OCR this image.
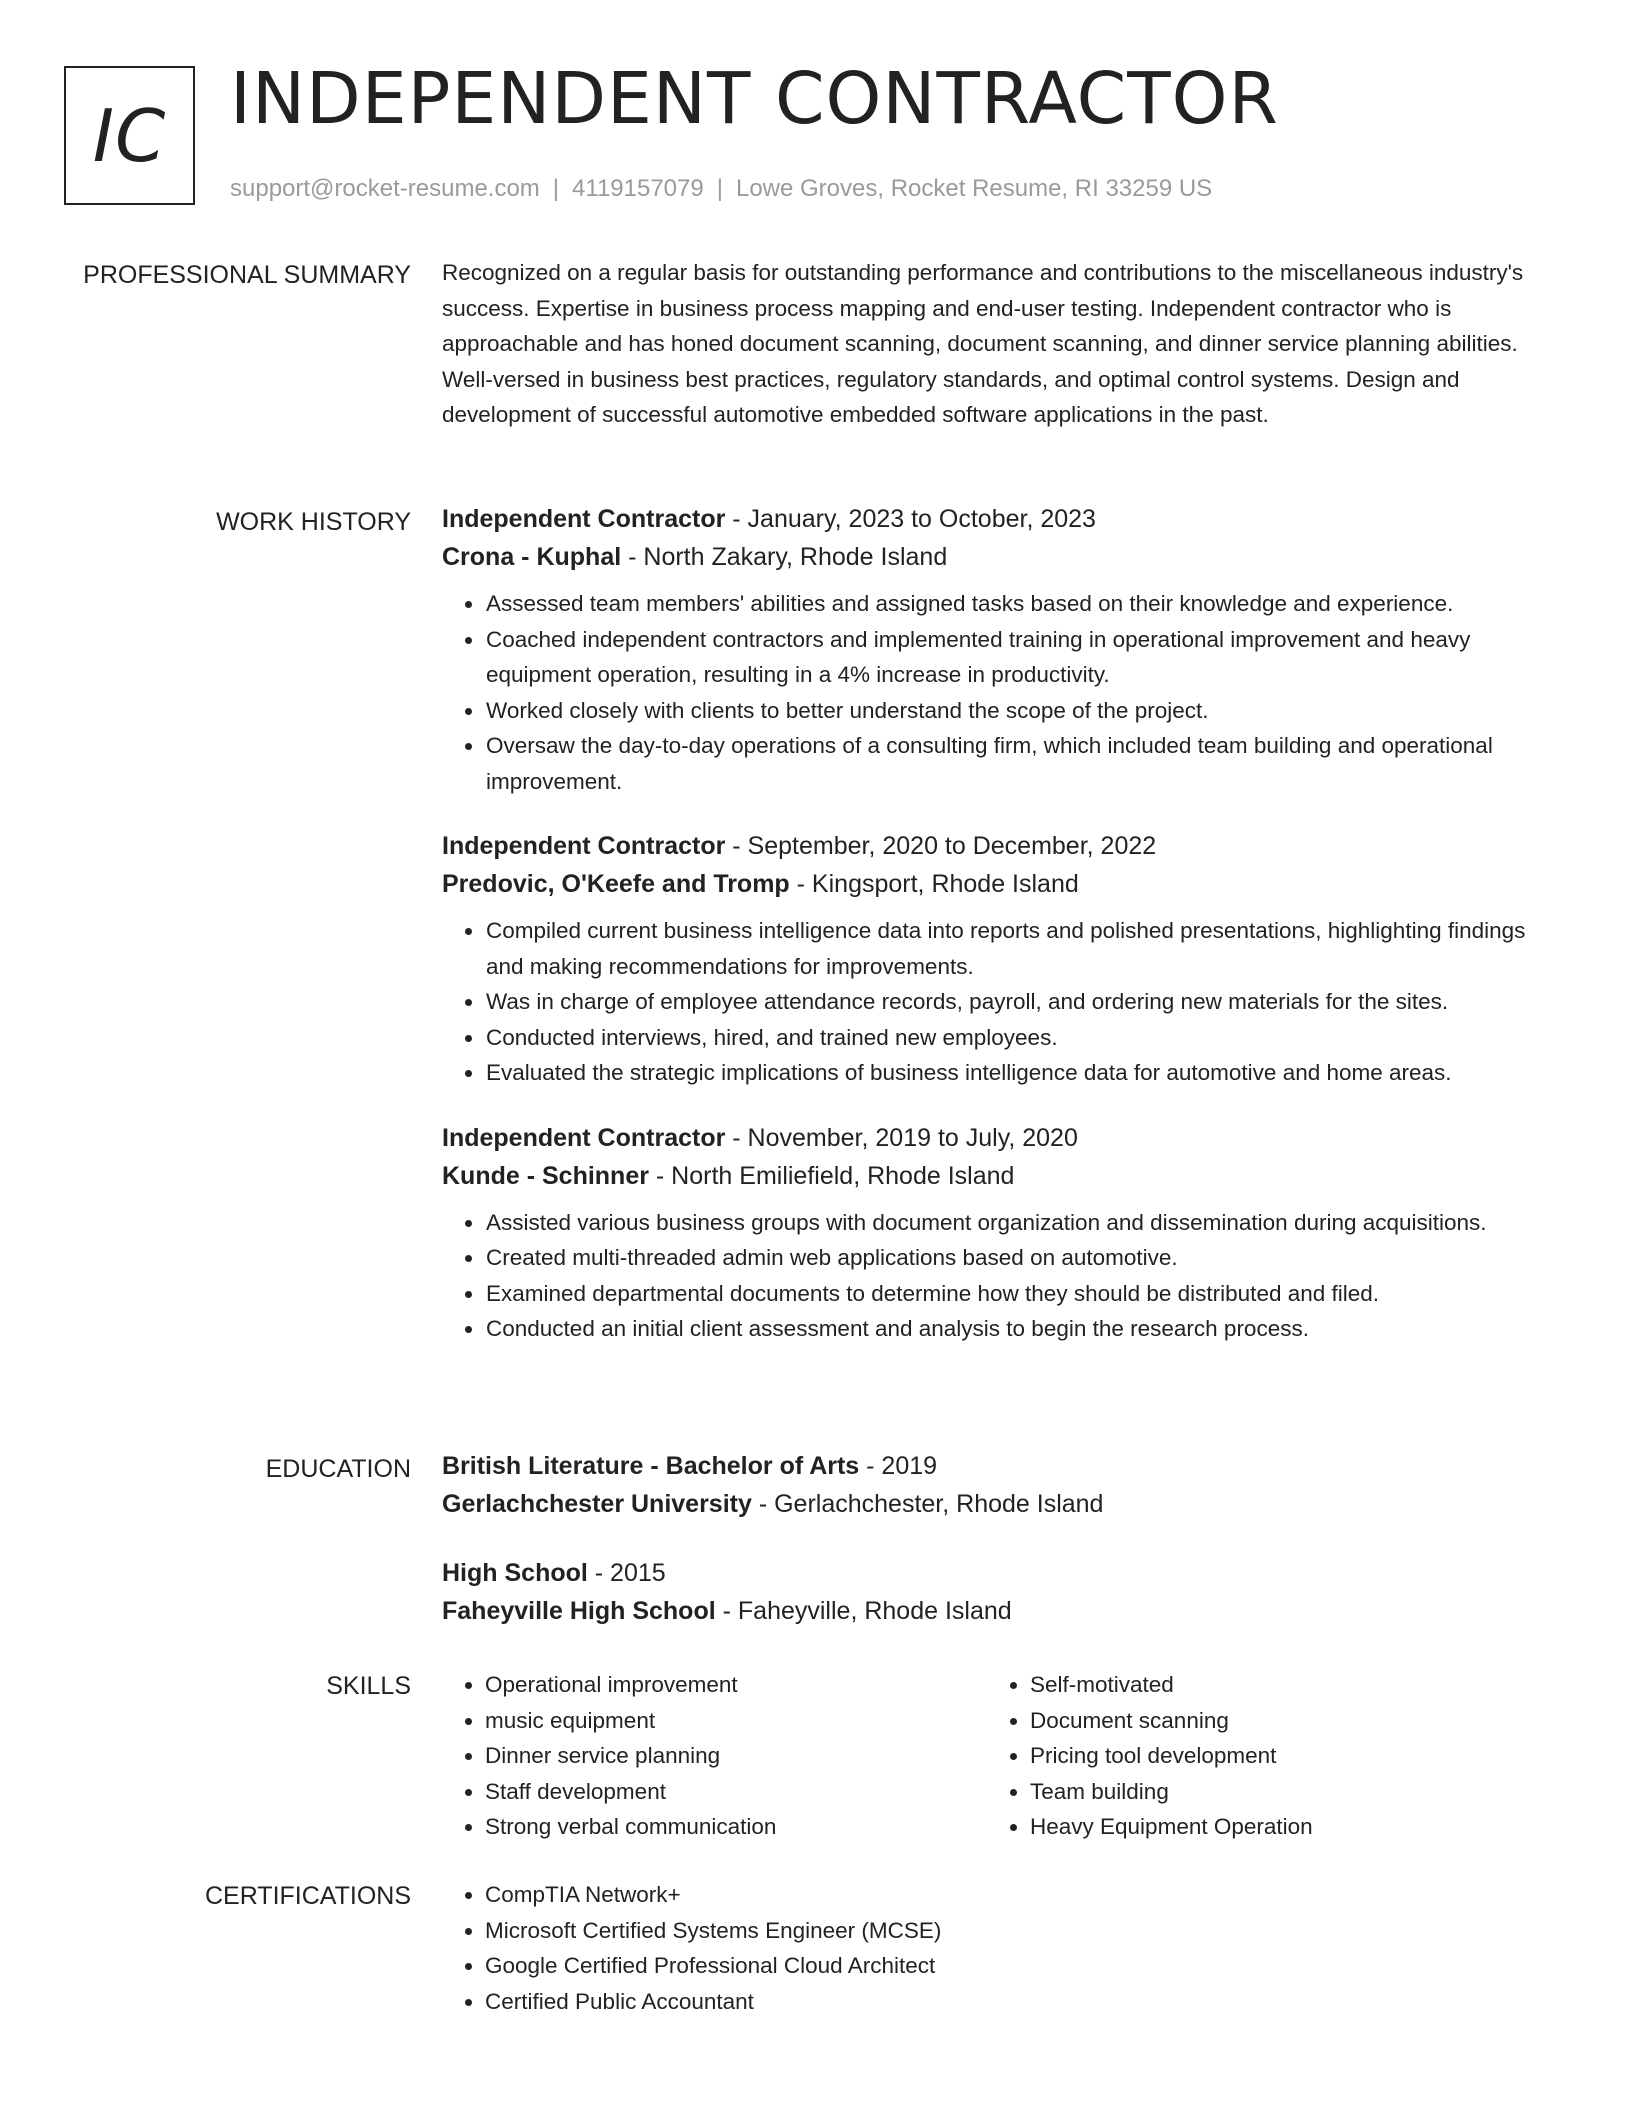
IC INDEPENDENT CONTRACTOR
support@rocket-resume.com | 4119157079 | Lowe Groves, Rocket Resume, RI 33259 US
PROFESSIONAL SUMMARY Recognized on a regular basis for outstanding performance and contributions to the miscellaneous industry's success. Expertise in business process mapping and end-user testing. Independent contractor who is approachable and has honed document scanning, document scanning, and dinner service planning abilities. Well-versed in business best practices, regulatory standards, and optimal control systems. Design and development of successful automotive embedded software applications in the past.

WORK HISTORY Independent Contractor - January, 2023 to October, 2023
Crona - Kuphal - North Zakary, Rhode Island
• Assessed team members' abilities and assigned tasks based on their knowledge and experience.
• Coached independent contractors and implemented training in operational improvement and heavy equipment operation, resulting in a 4% increase in productivity.
• Worked closely with clients to better understand the scope of the project.
• Oversaw the day-to-day operations of a consulting firm, which included team building and operational improvement.
Independent Contractor - September, 2020 to December, 2022
Predovic, O'Keefe and Tromp - Kingsport, Rhode Island
• Compiled current business intelligence data into reports and polished presentations, highlighting findings and making recommendations for improvements.
• Was in charge of employee attendance records, payroll, and ordering new materials for the sites.
• Conducted interviews, hired, and trained new employees.
• Evaluated the strategic implications of business intelligence data for automotive and home areas.
Independent Contractor - November, 2019 to July, 2020
Kunde - Schinner - North Emiliefield, Rhode Island
• Assisted various business groups with document organization and dissemination during acquisitions.
• Created multi-threaded admin web applications based on automotive.
• Examined departmental documents to determine how they should be distributed and filed.
• Conducted an initial client assessment and analysis to begin the research process.
EDUCATION British Literature - Bachelor of Arts - 2019
Gerlachchester University - Gerlachchester, Rhode Island
High School - 2015
Faheyville High School - Faheyville, Rhode Island
SKILLS	• Operational improvement
• music equipment
• Dinner service planning
• Staff development
• Strong verbal communication
• Self-motivated
• Document scanning
• Pricing tool development
• Team building
• Heavy Equipment Operation
CERTIFICATIONS	• CompTIA Network+
• Microsoft Certified Systems Engineer (MCSE)
• Google Certified Professional Cloud Architect
• Certified Public Accountant
